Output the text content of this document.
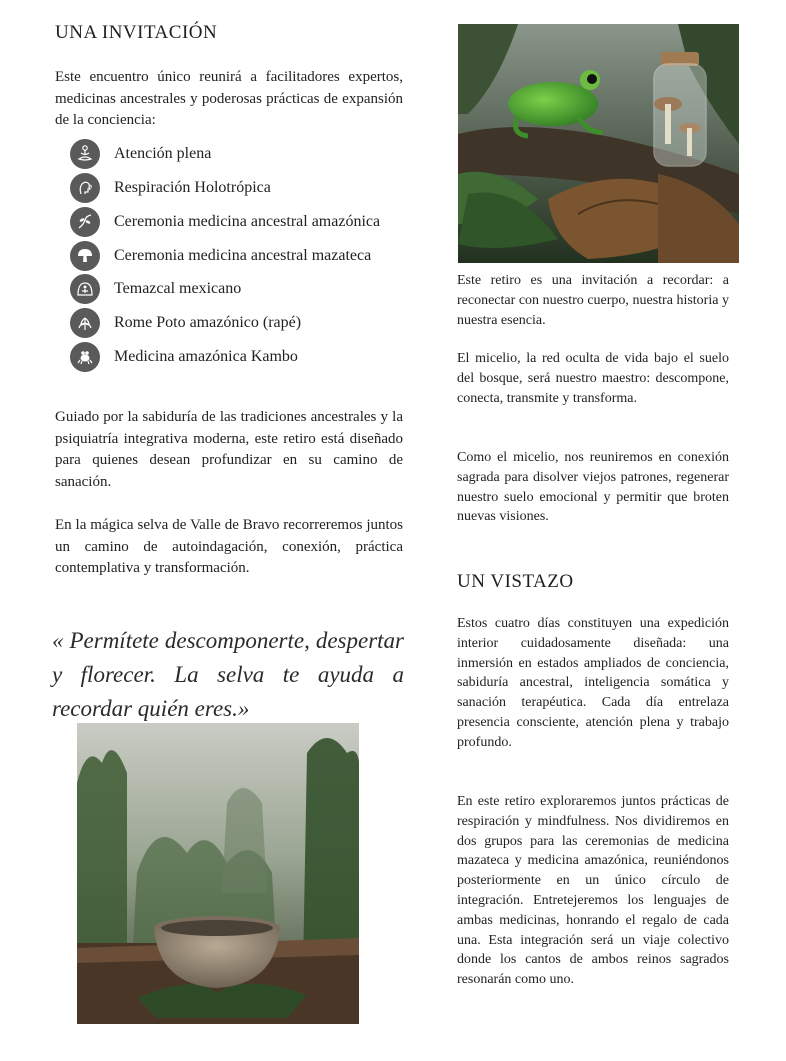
UNA INVITACIÓN

Este encuentro único reunirá a facilitadores expertos, medicinas ancestrales y poderosas prácticas de expansión de la conciencia:

Atención plena
Respiración Holotrópica
Ceremonia medicina ancestral amazónica
Ceremonia medicina ancestral mazateca
Temazcal mexicano
Rome Poto amazónico (rapé)
Medicina amazónica Kambo

Guiado por la sabiduría de las tradiciones ancestrales y la psiquiatría integrativa moderna, este retiro está diseñado para quienes desean profundizar en su camino de sanación.

En la mágica selva de Valle de Bravo recorreremos juntos un camino de autoindagación, conexión, práctica contemplativa y transformación.

« Permítete descomponerte, despertar y florecer. La selva te ayuda a recordar quién eres.»

Este retiro es una invitación a recordar: a reconectar con nuestro cuerpo, nuestra historia y nuestra esencia.

El micelio, la red oculta de vida bajo el suelo del bosque, será nuestro maestro: descompone, conecta, transmite y transforma.

Como el micelio, nos reuniremos en conexión sagrada para disolver viejos patrones, regenerar nuestro suelo emocional y permitir que broten nuevas visiones.

UN VISTAZO

Estos cuatro días constituyen una expedición interior cuidadosamente diseñada: una inmersión en estados ampliados de conciencia, sabiduría ancestral, inteligencia somática y sanación terapéutica. Cada día entrelaza presencia consciente, atención plena y trabajo profundo.

En este retiro exploraremos juntos prácticas de respiración y mindfulness. Nos dividiremos en dos grupos para las ceremonias de medicina mazateca y medicina amazónica, reuniéndonos posteriormente en un único círculo de integración. Entretejeremos los lenguajes de ambas medicinas, honrando el regalo de cada una. Esta integración será un viaje colectivo donde los cantos de ambos reinos sagrados resonarán como uno.
